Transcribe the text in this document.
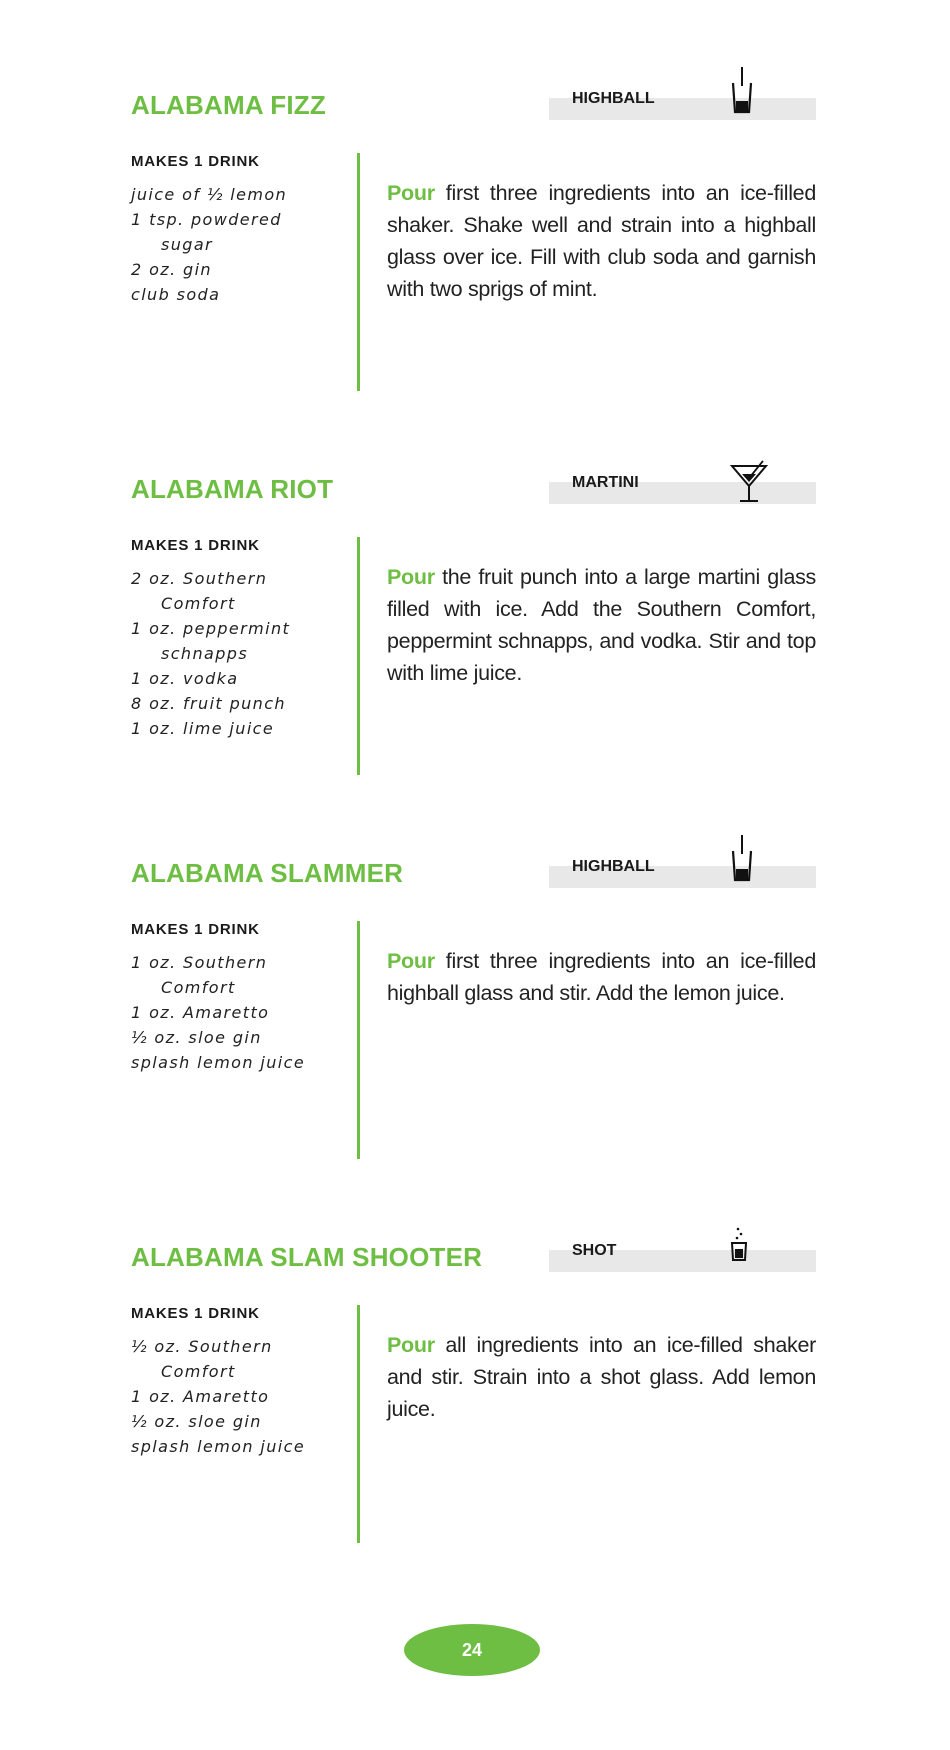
ALABAMA FIZZ	HIGHBALL
MAKES 1 DRINK
juice of ½ lemon
1 tsp. powdered
sugar
2 oz. gin
club soda

Pour first three ingredients into an ice-filled shaker. Shake well and strain into a highball glass over ice. Fill with club soda and garnish with two sprigs of mint.

ALABAMA RIOT	MARTINI
MAKES 1 DRINK
2 oz. Southern
Comfort
1 oz. peppermint
schnapps
1 oz. vodka
8 oz. fruit punch
1 oz. lime juice

Pour the fruit punch into a large martini glass filled with ice. Add the Southern Comfort, peppermint schnapps, and vodka. Stir and top with lime juice.

ALABAMA SLAMMER	HIGHBALL
MAKES 1 DRINK
1 oz. Southern
Comfort
1 oz. Amaretto
½ oz. sloe gin
splash lemon juice

Pour first three ingredients into an ice-filled highball glass and stir. Add the lemon juice.

ALABAMA SLAM SHOOTER	SHOT
MAKES 1 DRINK
½ oz. Southern
Comfort
1 oz. Amaretto
½ oz. sloe gin
splash lemon juice

Pour all ingredients into an ice-filled shaker and stir. Strain into a shot glass. Add lemon juice.

24
